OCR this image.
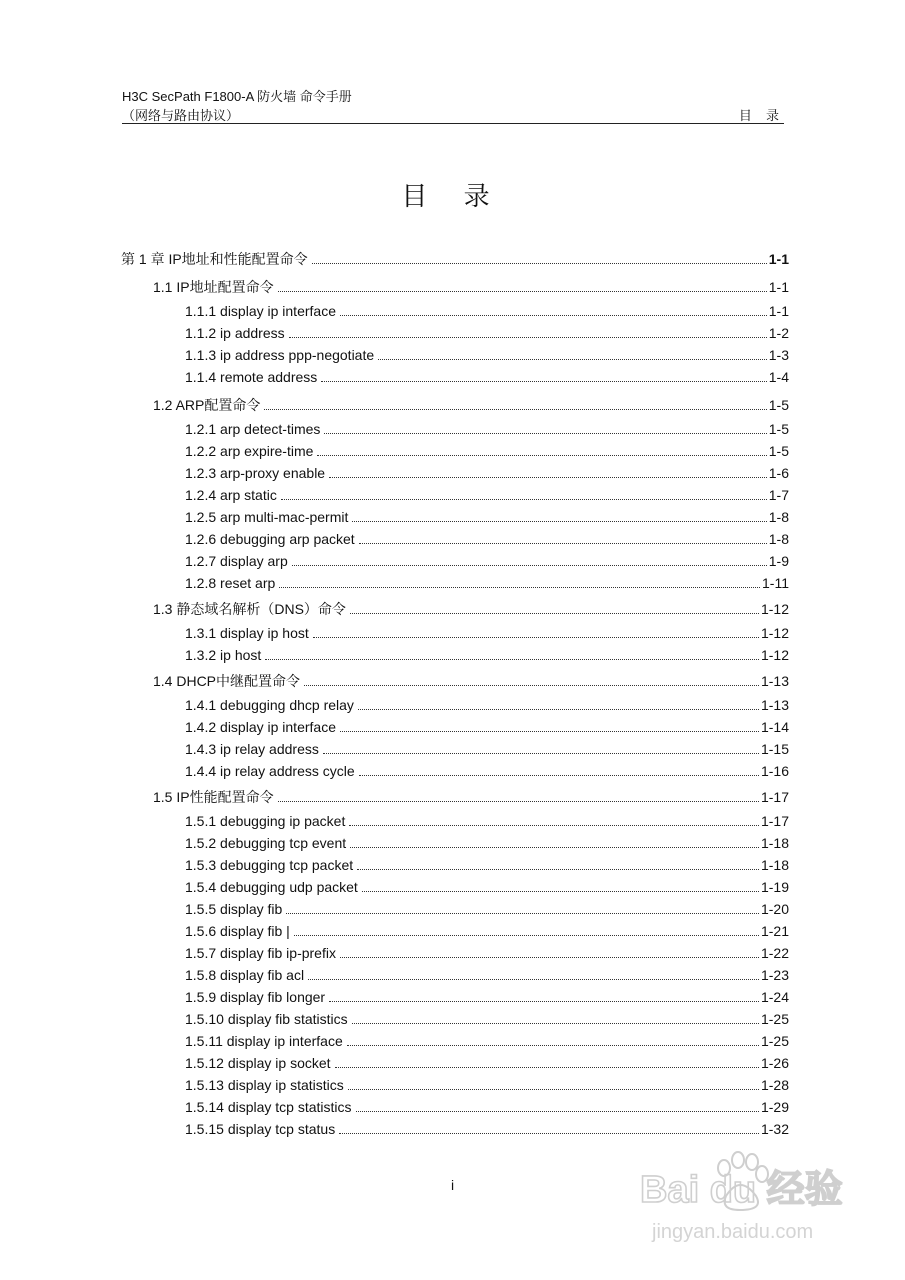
H3C SecPath F1800-A 防火墙 命令手册
（网络与路由协议）	目 录
目 录
第 1 章 IP地址和性能配置命令	1-1
1.1 IP地址配置命令	1-1
1.1.1 display ip interface	1-1
1.1.2 ip address	1-2
1.1.3 ip address ppp-negotiate	1-3
1.1.4 remote address	1-4
1.2 ARP配置命令	1-5
1.2.1 arp detect-times	1-5
1.2.2 arp expire-time	1-5
1.2.3 arp-proxy enable	1-6
1.2.4 arp static	1-7
1.2.5 arp multi-mac-permit	1-8
1.2.6 debugging arp packet	1-8
1.2.7 display arp	1-9
1.2.8 reset arp	1-11
1.3 静态域名解析（DNS）命令	1-12
1.3.1 display ip host	1-12
1.3.2 ip host	1-12
1.4 DHCP中继配置命令	1-13
1.4.1 debugging dhcp relay	1-13
1.4.2 display ip interface	1-14
1.4.3 ip relay address	1-15
1.4.4 ip relay address cycle	1-16
1.5 IP性能配置命令	1-17
1.5.1 debugging ip packet	1-17
1.5.2 debugging tcp event	1-18
1.5.3 debugging tcp packet	1-18
1.5.4 debugging udp packet	1-19
1.5.5 display fib	1-20
1.5.6 display fib |	1-21
1.5.7 display fib ip-prefix	1-22
1.5.8 display fib acl	1-23
1.5.9 display fib longer	1-24
1.5.10 display fib statistics	1-25
1.5.11 display ip interface	1-25
1.5.12 display ip socket	1-26
1.5.13 display ip statistics	1-28
1.5.14 display tcp statistics	1-29
1.5.15 display tcp status	1-32
i	Bai du 经验
jingyan.baidu.com
